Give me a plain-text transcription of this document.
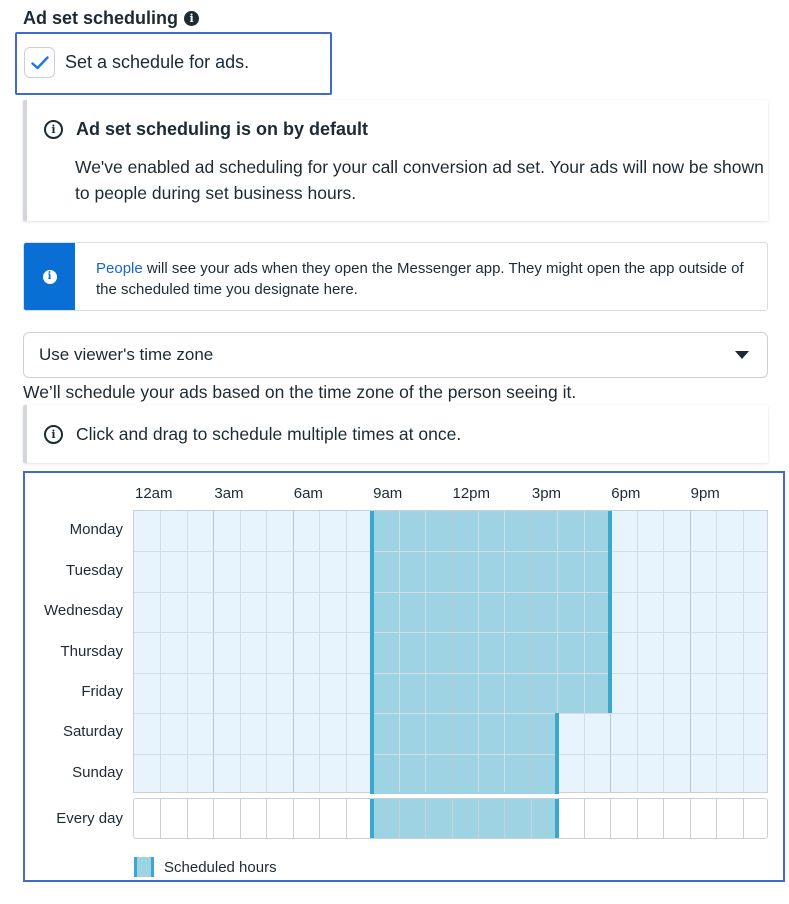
Ad set scheduling	i
Set a schedule for ads.
i	Ad set scheduling is on by default
We've enabled ad scheduling for your call conversion ad set. Your ads will now be shown to people during set business hours.
i	People will see your ads when they open the Messenger app. They might open the app outside of the scheduled time you designate here.
Use viewer's time zone
We’ll schedule your ads based on the time zone of the person seeing it.
i	Click and drag to schedule multiple times at once.
12am	3am	6am	9am	12pm	3pm	6pm	9pm
Monday
Tuesday
Wednesday
Thursday
Friday
Saturday
Sunday
Every day
Scheduled hours
